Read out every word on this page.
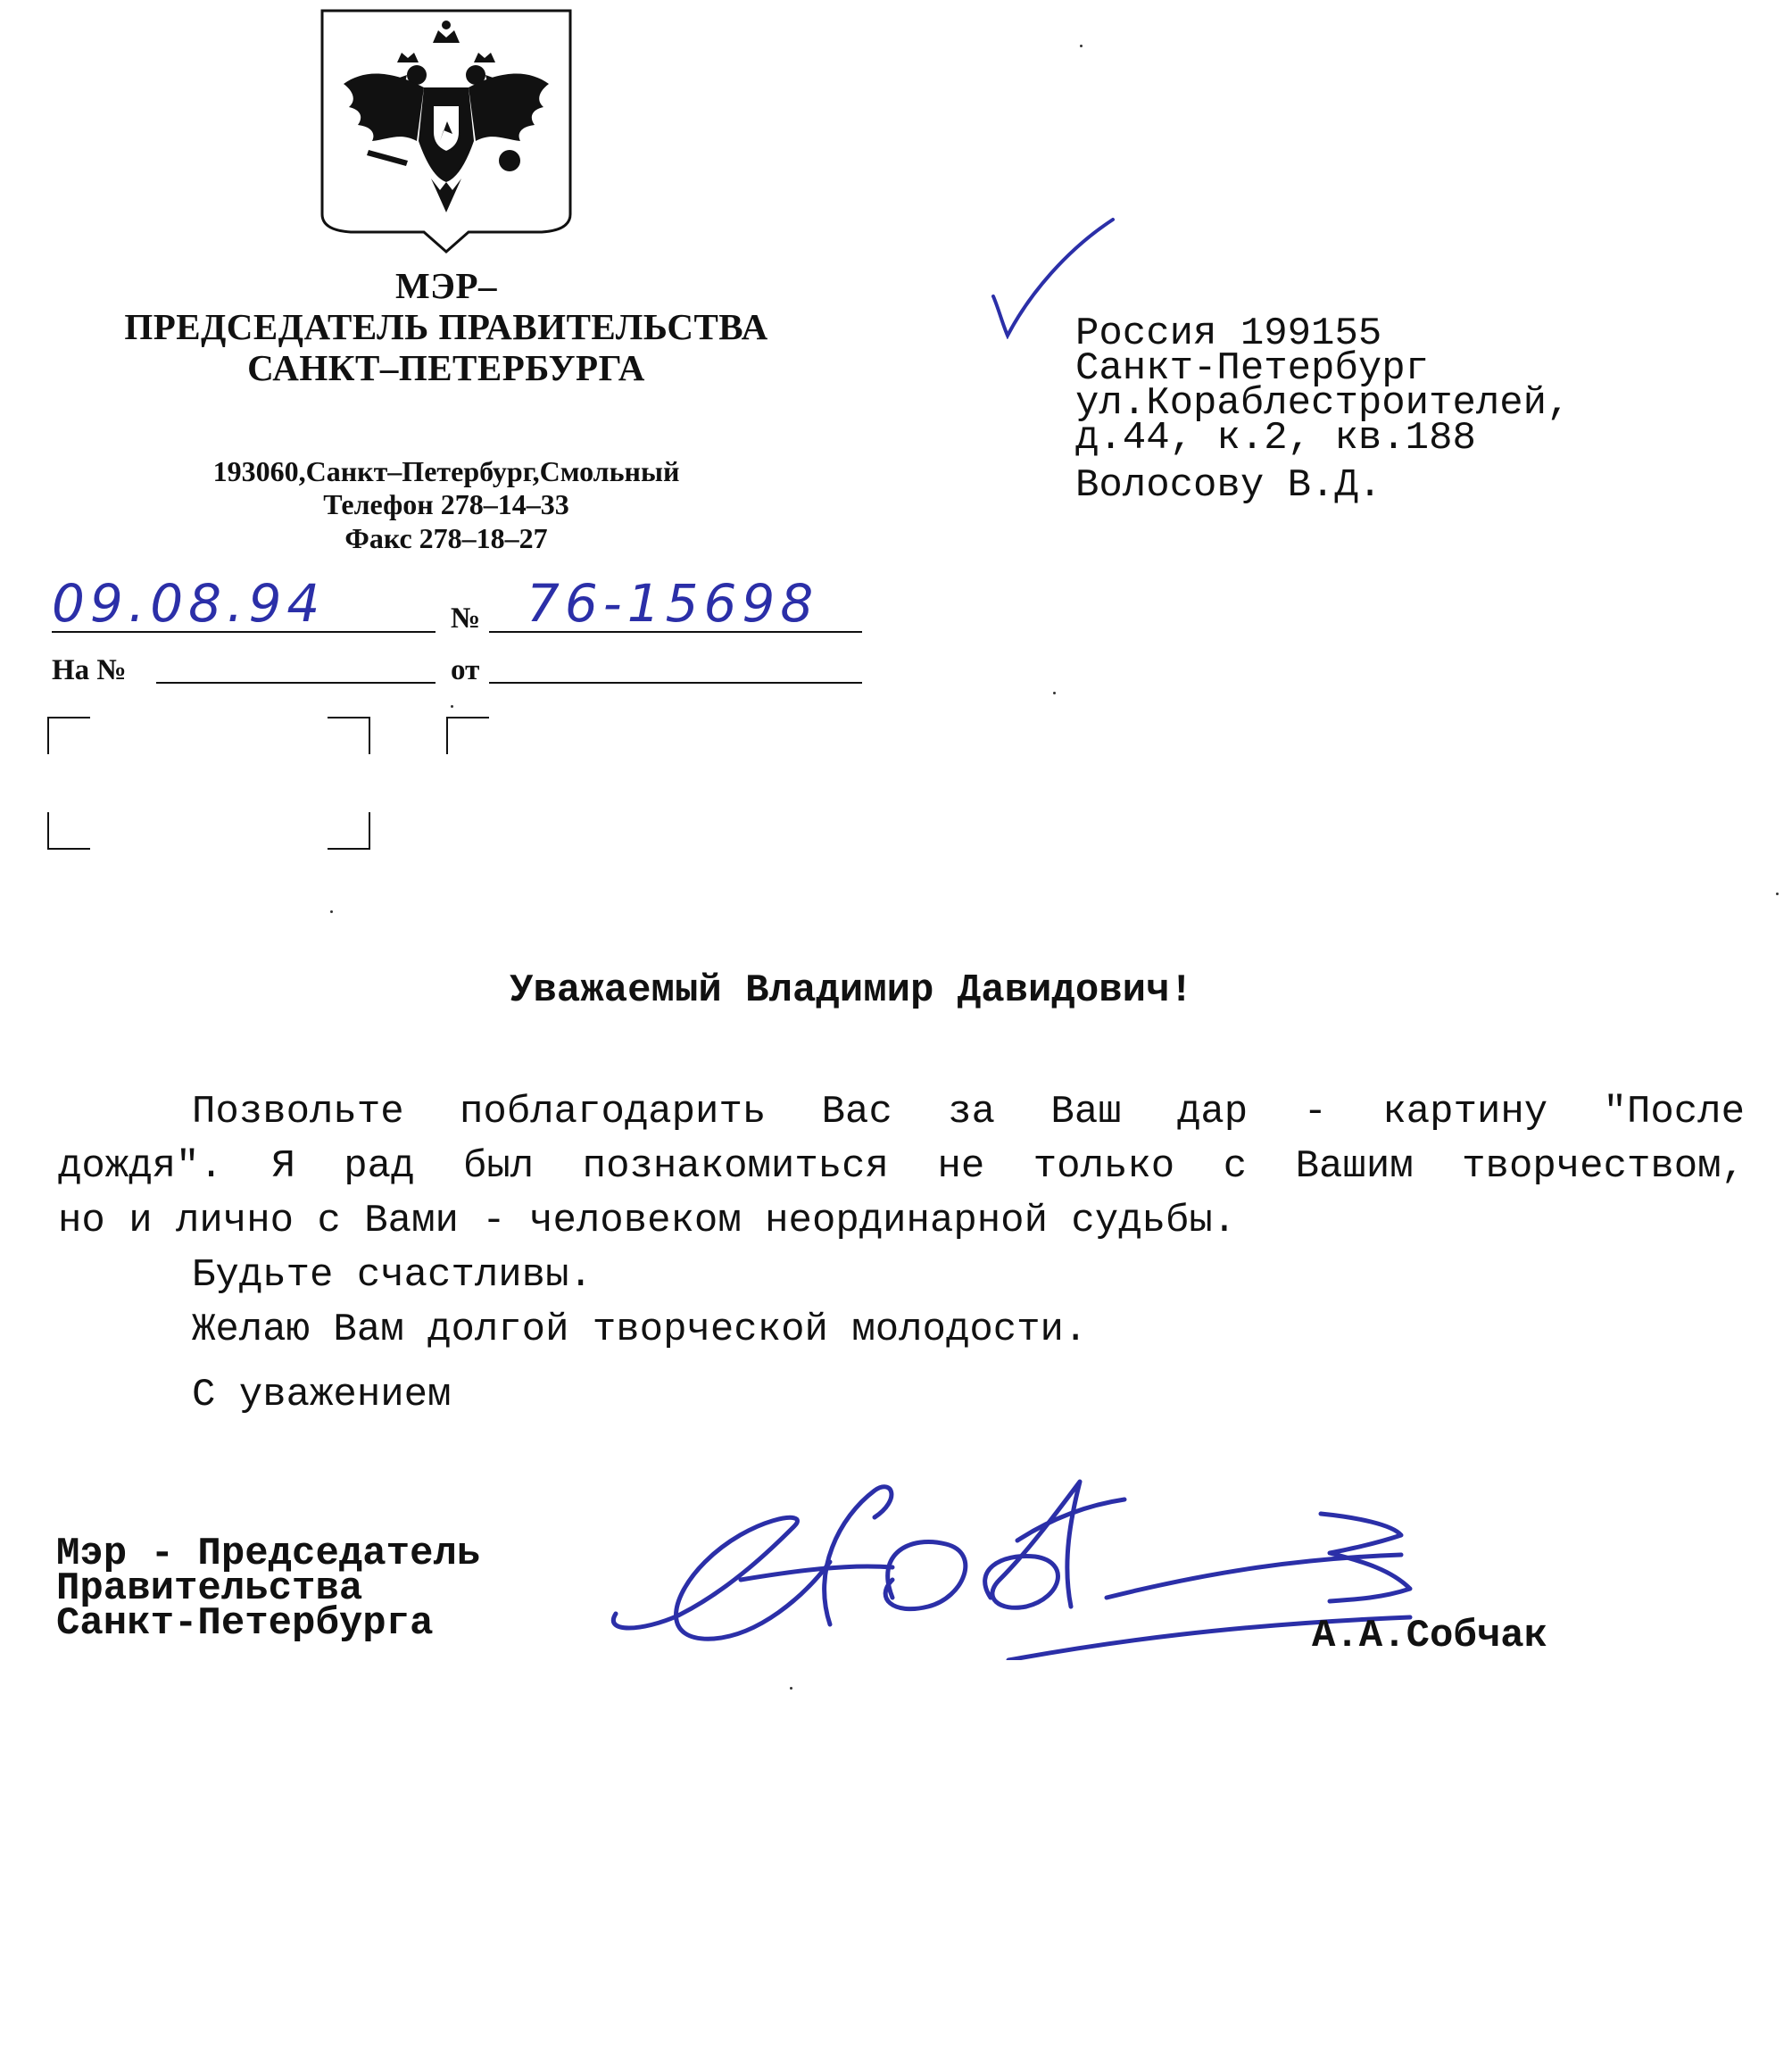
МЭР–
ПРЕДСЕДАТЕЛЬ ПРАВИТЕЛЬСТВА
САНКТ–ПЕТЕРБУРГА
193060,Санкт–Петербург,Смольный
Телефон 278–14–33
Факс 278–18–27
09.08.94	№ 76-15698
На №	от
Россия 199155
Санкт-Петербург
ул.Кораблестроителей,
д.44, к.2, кв.188
Волосову В.Д.
Уважаемый Владимир Давидович!
Позвольте поблагодарить Вас за Ваш дар - картину "После
дождя". Я рад был познакомиться не только с Вашим творчеством,
но и лично с Вами - человеком неординарной судьбы.
Будьте счастливы.
Желаю Вам долгой творческой молодости.
С уважением
Мэр - Председатель
Правительства
Санкт-Петербурга	А.А.Собчак
